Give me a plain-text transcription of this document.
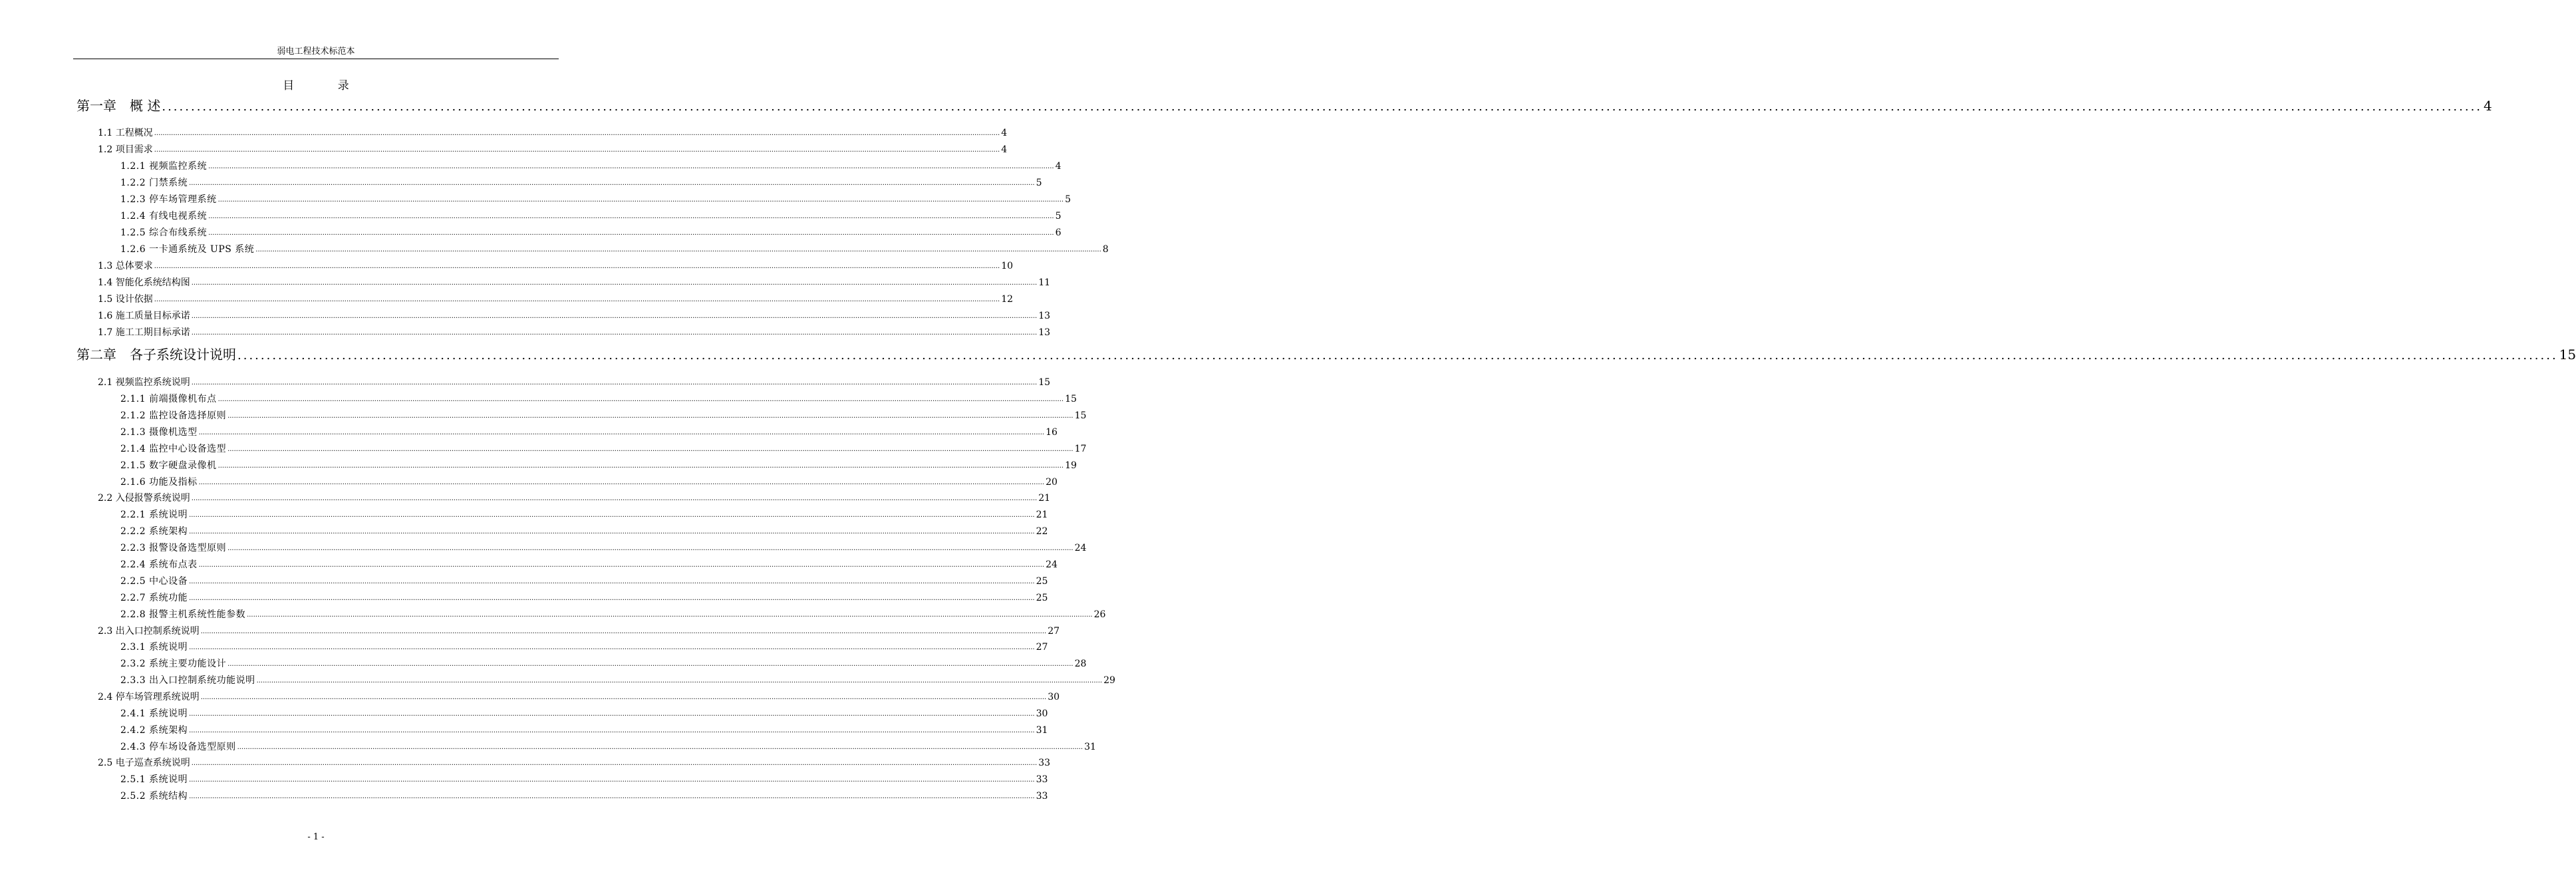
弱电工程技术标范本
目 录
第一章　概 述 ................................................................................................................................................................................................................................................................................................................................................................................................................ 4
1.1 工程概况 ................................................................................................................................................................................................................................................................................................................................................................................................................ 4
1.2 项目需求 ................................................................................................................................................................................................................................................................................................................................................................................................................ 4
1.2.1 视频监控系统 ................................................................................................................................................................................................................................................................................................................................................................................................................ 4
1.2.2 门禁系统 ................................................................................................................................................................................................................................................................................................................................................................................................................ 5
1.2.3 停车场管理系统 ................................................................................................................................................................................................................................................................................................................................................................................................................ 5
1.2.4 有线电视系统 ................................................................................................................................................................................................................................................................................................................................................................................................................ 5
1.2.5 综合布线系统 ................................................................................................................................................................................................................................................................................................................................................................................................................ 6
1.2.6 一卡通系统及 UPS 系统 ................................................................................................................................................................................................................................................................................................................................................................................................................ 8
1.3 总体要求 ................................................................................................................................................................................................................................................................................................................................................................................................................ 10
1.4 智能化系统结构图 ................................................................................................................................................................................................................................................................................................................................................................................................................ 11
1.5 设计依据 ................................................................................................................................................................................................................................................................................................................................................................................................................ 12
1.6 施工质量目标承诺 ................................................................................................................................................................................................................................................................................................................................................................................................................ 13
1.7 施工工期目标承诺 ................................................................................................................................................................................................................................................................................................................................................................................................................ 13
第二章　各子系统设计说明 ................................................................................................................................................................................................................................................................................................................................................................................................................ 15
2.1 视频监控系统说明 ................................................................................................................................................................................................................................................................................................................................................................................................................ 15
2.1.1 前端摄像机布点 ................................................................................................................................................................................................................................................................................................................................................................................................................ 15
2.1.2 监控设备选择原则 ................................................................................................................................................................................................................................................................................................................................................................................................................ 15
2.1.3 摄像机选型 ................................................................................................................................................................................................................................................................................................................................................................................................................ 16
2.1.4 监控中心设备选型 ................................................................................................................................................................................................................................................................................................................................................................................................................ 17
2.1.5 数字硬盘录像机 ................................................................................................................................................................................................................................................................................................................................................................................................................ 19
2.1.6 功能及指标 ................................................................................................................................................................................................................................................................................................................................................................................................................ 20
2.2 入侵报警系统说明 ................................................................................................................................................................................................................................................................................................................................................................................................................ 21
2.2.1 系统说明 ................................................................................................................................................................................................................................................................................................................................................................................................................ 21
2.2.2 系统架构 ................................................................................................................................................................................................................................................................................................................................................................................................................ 22
2.2.3 报警设备选型原则 ................................................................................................................................................................................................................................................................................................................................................................................................................ 24
2.2.4 系统布点表 ................................................................................................................................................................................................................................................................................................................................................................................................................ 24
2.2.5 中心设备 ................................................................................................................................................................................................................................................................................................................................................................................................................ 25
2.2.7 系统功能 ................................................................................................................................................................................................................................................................................................................................................................................................................ 25
2.2.8 报警主机系统性能参数 ................................................................................................................................................................................................................................................................................................................................................................................................................ 26
2.3 出入口控制系统说明 ................................................................................................................................................................................................................................................................................................................................................................................................................ 27
2.3.1 系统说明 ................................................................................................................................................................................................................................................................................................................................................................................................................ 27
2.3.2 系统主要功能设计 ................................................................................................................................................................................................................................................................................................................................................................................................................ 28
2.3.3 出入口控制系统功能说明 ................................................................................................................................................................................................................................................................................................................................................................................................................ 29
2.4 停车场管理系统说明 ................................................................................................................................................................................................................................................................................................................................................................................................................ 30
2.4.1 系统说明 ................................................................................................................................................................................................................................................................................................................................................................................................................ 30
2.4.2 系统架构 ................................................................................................................................................................................................................................................................................................................................................................................................................ 31
2.4.3 停车场设备选型原则 ................................................................................................................................................................................................................................................................................................................................................................................................................ 31
2.5 电子巡查系统说明 ................................................................................................................................................................................................................................................................................................................................................................................................................ 33
2.5.1 系统说明 ................................................................................................................................................................................................................................................................................................................................................................................................................ 33
2.5.2 系统结构 ................................................................................................................................................................................................................................................................................................................................................................................................................ 33
- 1 -
